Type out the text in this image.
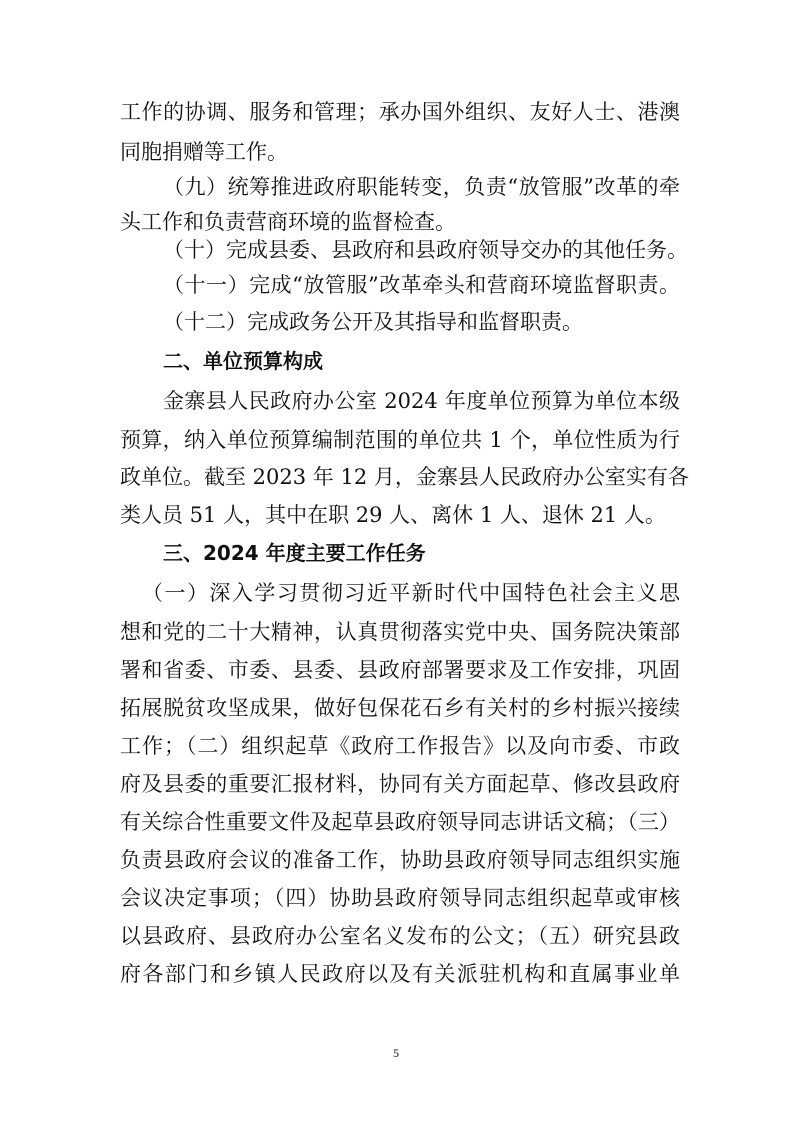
工作的协调、服务和管理；承办国外组织、友好人士、港澳
同胞捐赠等工作。
（九）统筹推进政府职能转变，负责“放管服”改革的牵
头工作和负责营商环境的监督检查。
（十）完成县委、县政府和县政府领导交办的其他任务。
（十一）完成“放管服”改革牵头和营商环境监督职责。
（十二）完成政务公开及其指导和监督职责。
二、单位预算构成
金寨县人民政府办公室 2024 年度单位预算为单位本级
预算，纳入单位预算编制范围的单位共 1 个，单位性质为行
政单位。截至 2023 年 12 月，金寨县人民政府办公室实有各
类人员 51 人，其中在职 29 人、离休 1 人、退休 21 人。
三、2024 年度主要工作任务
（一）深入学习贯彻习近平新时代中国特色社会主义思
想和党的二十大精神，认真贯彻落实党中央、国务院决策部
署和省委、市委、县委、县政府部署要求及工作安排，巩固
拓展脱贫攻坚成果，做好包保花石乡有关村的乡村振兴接续
工作；（二）组织起草《政府工作报告》以及向市委、市政
府及县委的重要汇报材料，协同有关方面起草、修改县政府
有关综合性重要文件及起草县政府领导同志讲话文稿；（三）
负责县政府会议的准备工作，协助县政府领导同志组织实施
会议决定事项；（四）协助县政府领导同志组织起草或审核
以县政府、县政府办公室名义发布的公文；（五）研究县政
府各部门和乡镇人民政府以及有关派驻机构和直属事业单
5
